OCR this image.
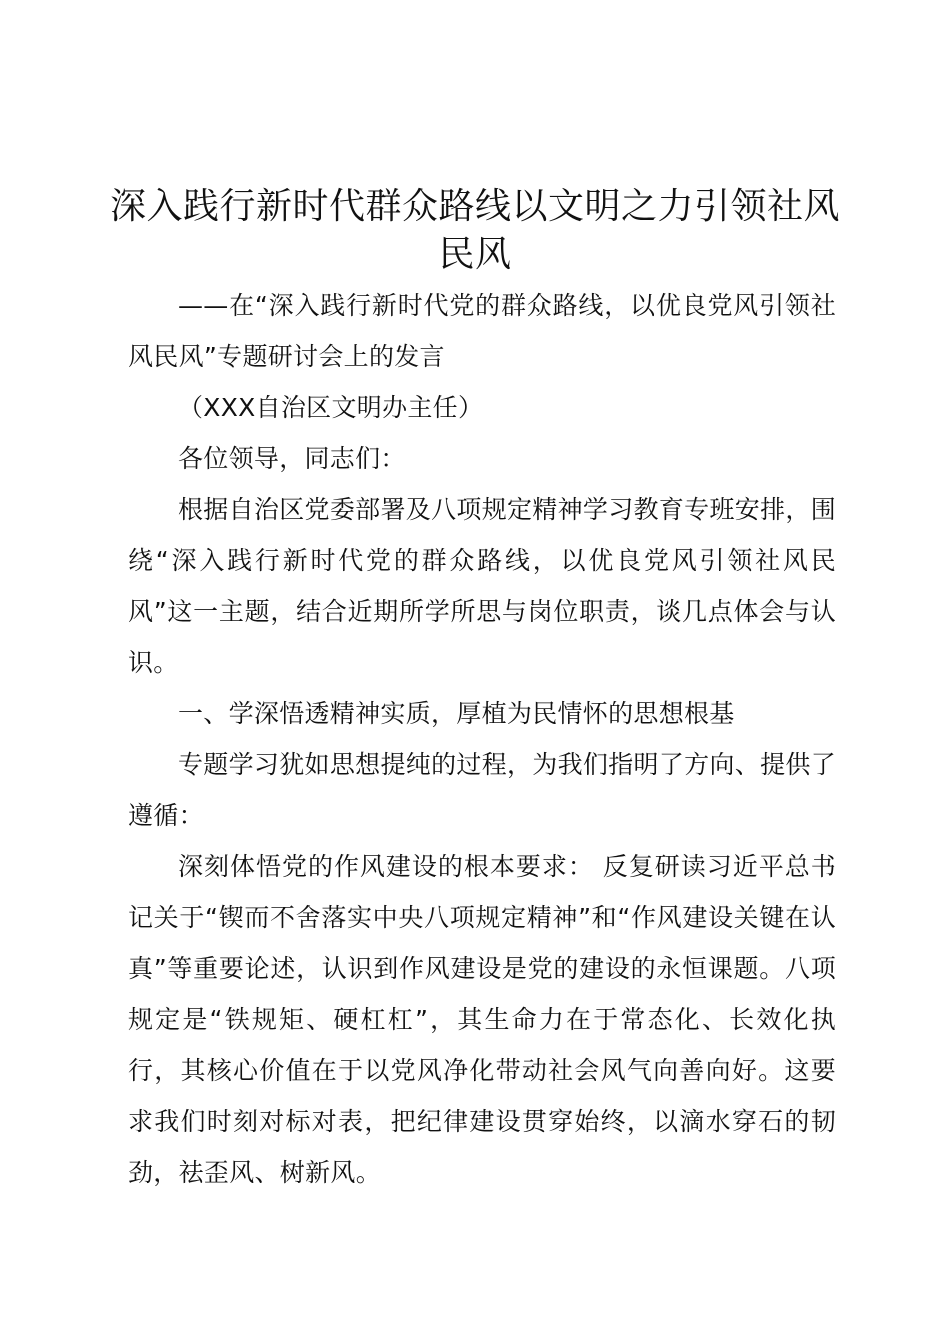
深入践行新时代群众路线以文明之力引领社风民风

——在“深入践行新时代党的群众路线，以优良党风引领社风民风”专题研讨会上的发言

（XXX自治区文明办主任）

各位领导，同志们：

根据自治区党委部署及八项规定精神学习教育专班安排，围绕“深入践行新时代党的群众路线，以优良党风引领社风民风”这一主题，结合近期所学所思与岗位职责，谈几点体会与认识。

一、学深悟透精神实质，厚植为民情怀的思想根基

专题学习犹如思想提纯的过程，为我们指明了方向、提供了遵循：

深刻体悟党的作风建设的根本要求： 反复研读习近平总书记关于“锲而不舍落实中央八项规定精神”和“作风建设关键在认真”等重要论述，认识到作风建设是党的建设的永恒课题。八项规定是“铁规矩、硬杠杠”，其生命力在于常态化、长效化执行，其核心价值在于以党风净化带动社会风气向善向好。这要求我们时刻对标对表，把纪律建设贯穿始终，以滴水穿石的韧劲，祛歪风、树新风。
